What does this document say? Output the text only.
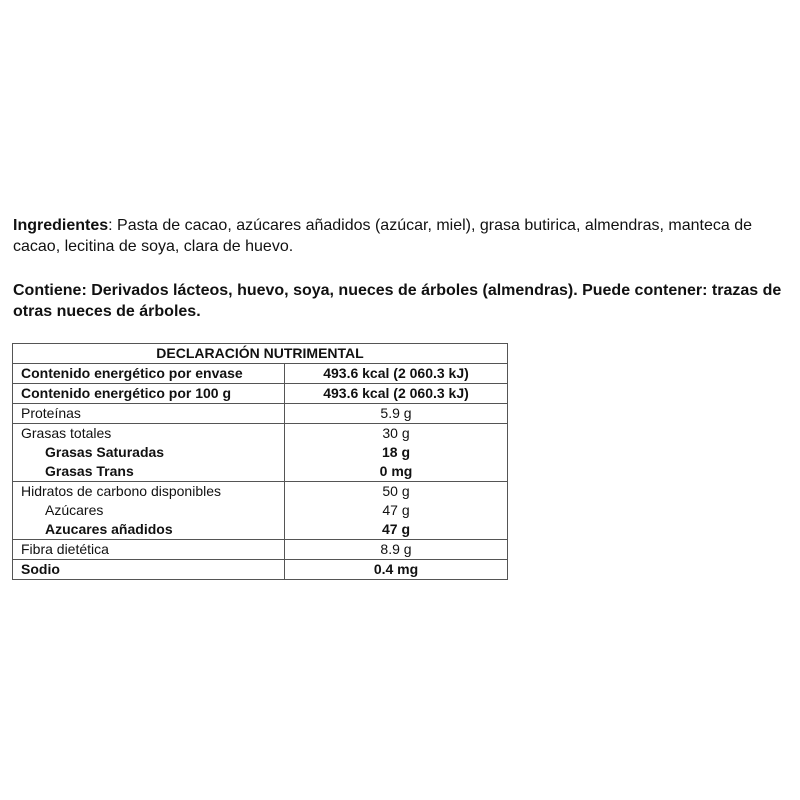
Ingredientes: Pasta de cacao, azúcares añadidos (azúcar, miel), grasa butirica, almendras, manteca de cacao, lecitina de soya, clara de huevo.
Contiene: Derivados lácteos, huevo, soya, nueces de árboles (almendras). Puede contener: trazas de otras nueces de árboles.
DECLARACIÓN NUTRIMENTAL	
Contenido energético por envase	493.6 kcal (2 060.3 kJ)
Contenido energético por 100 g	493.6 kcal (2 060.3 kJ)
Proteínas	5.9 g
Grasas totales	30 g
Grasas Saturadas	18 g
Grasas Trans	0 mg
Hidratos de carbono disponibles	50 g
Azúcares	47 g
Azucares añadidos	47 g
Fibra dietética	8.9 g
Sodio	0.4 mg
